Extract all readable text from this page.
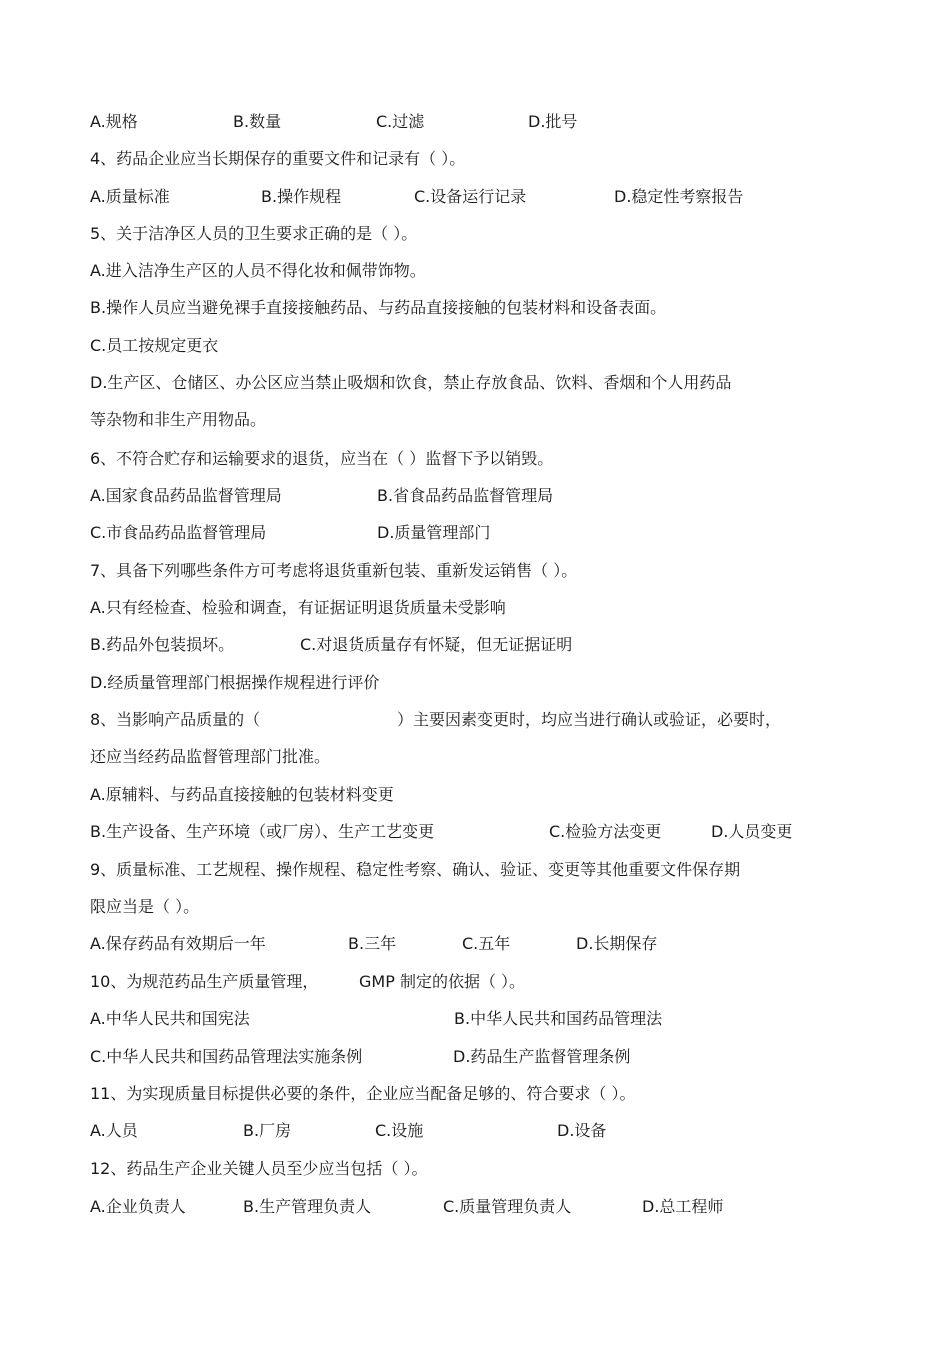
A.规格	B.数量	C.过滤	D.批号
4、药品企业应当长期保存的重要文件和记录有（ ）。
A.质量标准	B.操作规程	C.设备运行记录	D.稳定性考察报告
5、关于洁净区人员的卫生要求正确的是（ ）。
A.进入洁净生产区的人员不得化妆和佩带饰物。
B.操作人员应当避免裸手直接接触药品、与药品直接接触的包装材料和设备表面。
C.员工按规定更衣
D.生产区、仓储区、办公区应当禁止吸烟和饮食，禁止存放食品、饮料、香烟和个人用药品
等杂物和非生产用物品。
6、不符合贮存和运输要求的退货，应当在（ ）监督下予以销毁。
A.国家食品药品监督管理局	B.省食品药品监督管理局
C.市食品药品监督管理局	D.质量管理部门
7、具备下列哪些条件方可考虑将退货重新包装、重新发运销售（ ）。
A.只有经检查、检验和调查，有证据证明退货质量未受影响
B.药品外包装损坏。	C.对退货质量存有怀疑，但无证据证明
D.经质量管理部门根据操作规程进行评价
8、当影响产品质量的（	）主要因素变更时，均应当进行确认或验证，必要时，
还应当经药品监督管理部门批准。
A.原辅料、与药品直接接触的包装材料变更
B.生产设备、生产环境（或厂房）、生产工艺变更	C.检验方法变更	D.人员变更
9、质量标准、工艺规程、操作规程、稳定性考察、确认、验证、变更等其他重要文件保存期
限应当是（ ）。
A.保存药品有效期后一年	B.三年	C.五年	D.长期保存
10、为规范药品生产质量管理，	GMP 制定的依据（ ）。
A.中华人民共和国宪法	B.中华人民共和国药品管理法
C.中华人民共和国药品管理法实施条例	D.药品生产监督管理条例
11、为实现质量目标提供必要的条件，企业应当配备足够的、符合要求（ ）。
A.人员	B.厂房	C.设施	D.设备
12、药品生产企业关键人员至少应当包括（ ）。
A.企业负责人	B.生产管理负责人	C.质量管理负责人	D.总工程师
